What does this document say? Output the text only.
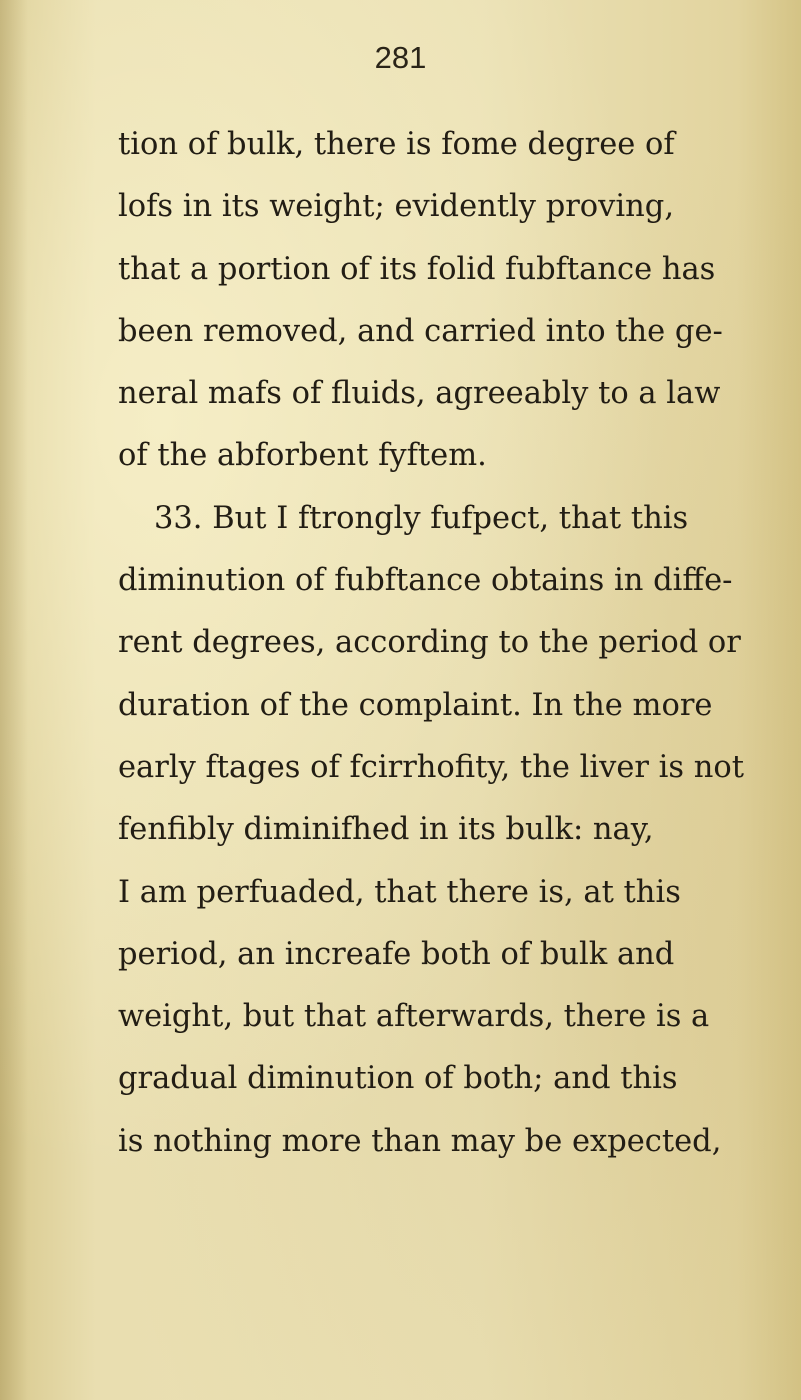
281

tion of bulk, there is fome degree of
lofs in its weight; evidently proving,
that a portion of its folid fubftance has
been removed, and carried into the ge-
neral mafs of fluids, agreeably to a law
of the abforbent fyftem.
33. But I ftrongly fufpect, that this
diminution of fubftance obtains in diffe-
rent degrees, according to the period or
duration of the complaint. In the more
early ftages of fcirrhofity, the liver is not
fenfibly diminifhed in its bulk: nay,
I am perfuaded, that there is, at this
period, an increafe both of bulk and
weight, but that afterwards, there is a
gradual diminution of both; and this
is nothing more than may be expected,
